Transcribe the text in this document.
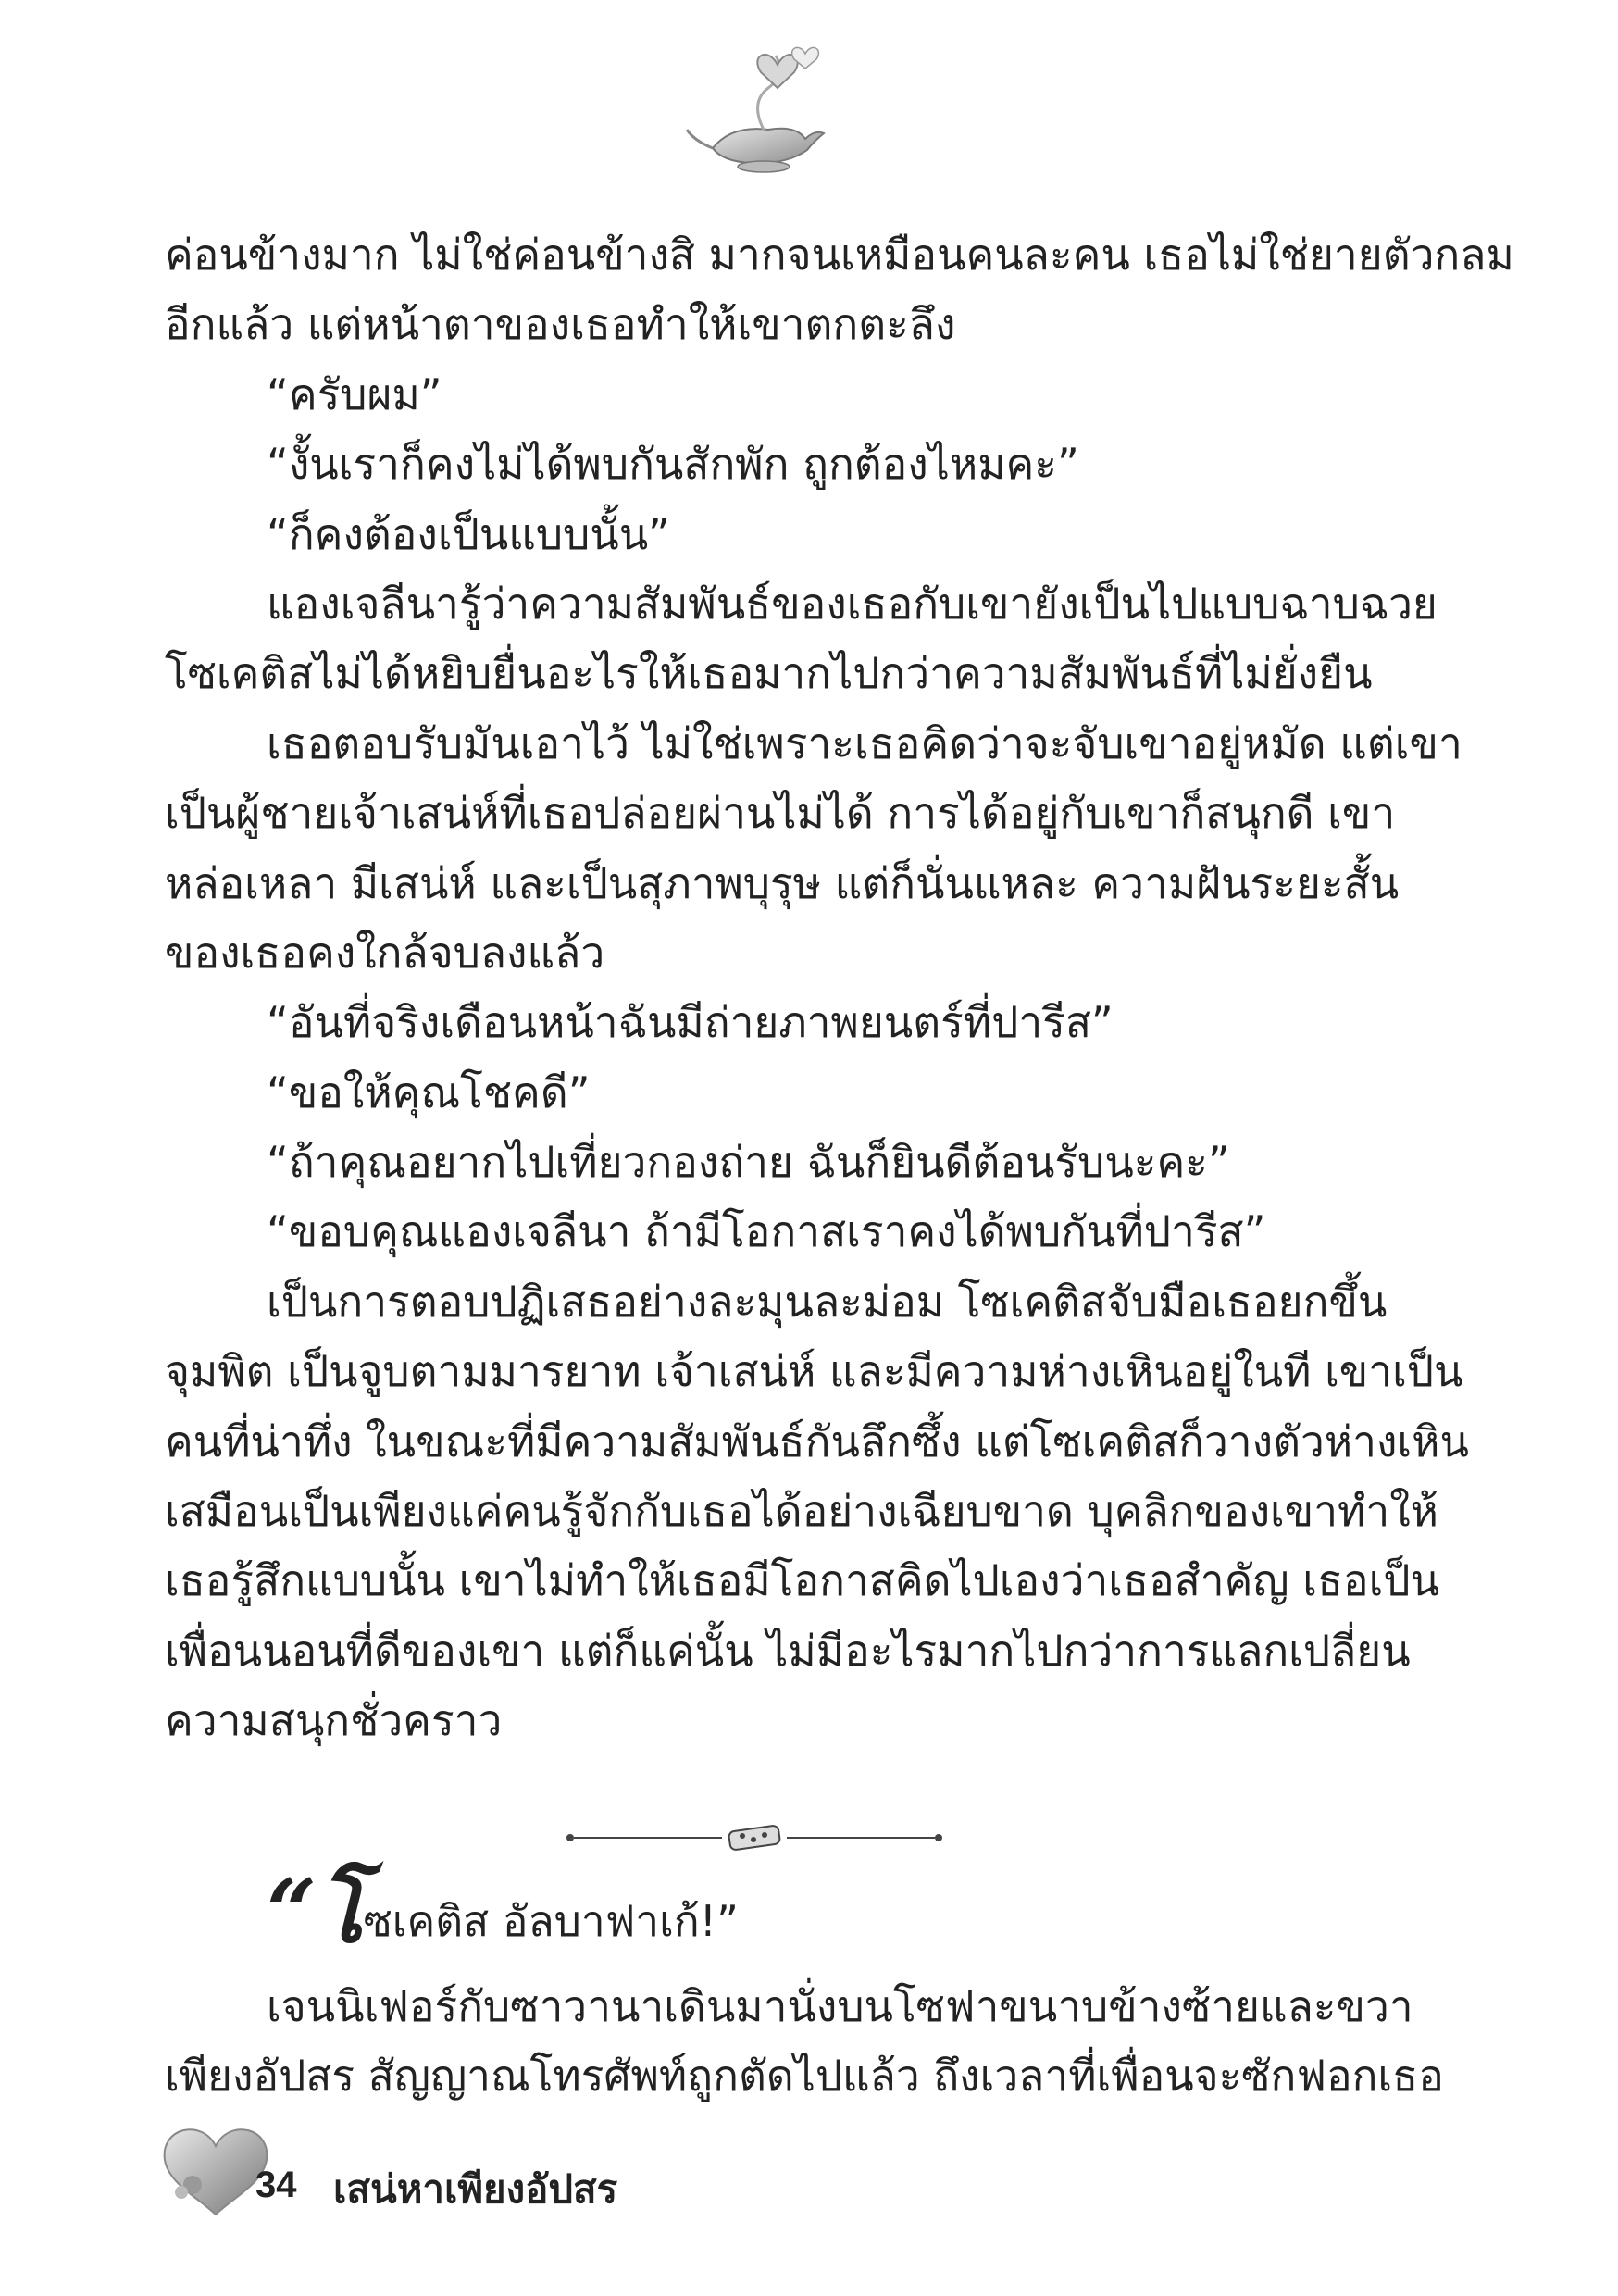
ค่อนข้างมาก ไม่ใช่ค่อนข้างสิ มากจนเหมือนคนละคน เธอไม่ใช่ยายตัวกลม
อีกแล้ว แต่หน้าตาของเธอทำให้เขาตกตะลึง
“ครับผม”
“งั้นเราก็คงไม่ได้พบกันสักพัก ถูกต้องไหมคะ”
“ก็คงต้องเป็นแบบนั้น”
แองเจลีนารู้ว่าความสัมพันธ์ของเธอกับเขายังเป็นไปแบบฉาบฉวย
โซเคติสไม่ได้หยิบยื่นอะไรให้เธอมากไปกว่าความสัมพันธ์ที่ไม่ยั่งยืน
เธอตอบรับมันเอาไว้ ไม่ใช่เพราะเธอคิดว่าจะจับเขาอยู่หมัด แต่เขา
เป็นผู้ชายเจ้าเสน่ห์ที่เธอปล่อยผ่านไม่ได้ การได้อยู่กับเขาก็สนุกดี เขา
หล่อเหลา มีเสน่ห์ และเป็นสุภาพบุรุษ แต่ก็นั่นแหละ ความฝันระยะสั้น
ของเธอคงใกล้จบลงแล้ว
“อันที่จริงเดือนหน้าฉันมีถ่ายภาพยนตร์ที่ปารีส”
“ขอให้คุณโชคดี”
“ถ้าคุณอยากไปเที่ยวกองถ่าย ฉันก็ยินดีต้อนรับนะคะ”
“ขอบคุณแองเจลีนา ถ้ามีโอกาสเราคงได้พบกันที่ปารีส”
เป็นการตอบปฏิเสธอย่างละมุนละม่อม โซเคติสจับมือเธอยกขึ้น
จุมพิต เป็นจูบตามมารยาท เจ้าเสน่ห์ และมีความห่างเหินอยู่ในที เขาเป็น
คนที่น่าทึ่ง ในขณะที่มีความสัมพันธ์กันลึกซึ้ง แต่โซเคติสก็วางตัวห่างเหิน
เสมือนเป็นเพียงแค่คนรู้จักกับเธอได้อย่างเฉียบขาด บุคลิกของเขาทำให้
เธอรู้สึกแบบนั้น เขาไม่ทำให้เธอมีโอกาสคิดไปเองว่าเธอสำคัญ เธอเป็น
เพื่อนนอนที่ดีของเขา แต่ก็แค่นั้น ไม่มีอะไรมากไปกว่าการแลกเปลี่ยน
ความสนุกชั่วคราว
“โซเคติส อัลบาฟาเก้!”
เจนนิเฟอร์กับซาวานาเดินมานั่งบนโซฟาขนาบข้างซ้ายและขวา
เพียงอัปสร สัญญาณโทรศัพท์ถูกตัดไปแล้ว ถึงเวลาที่เพื่อนจะซักฟอกเธอ
34 เสน่หาเพียงอัปสร
